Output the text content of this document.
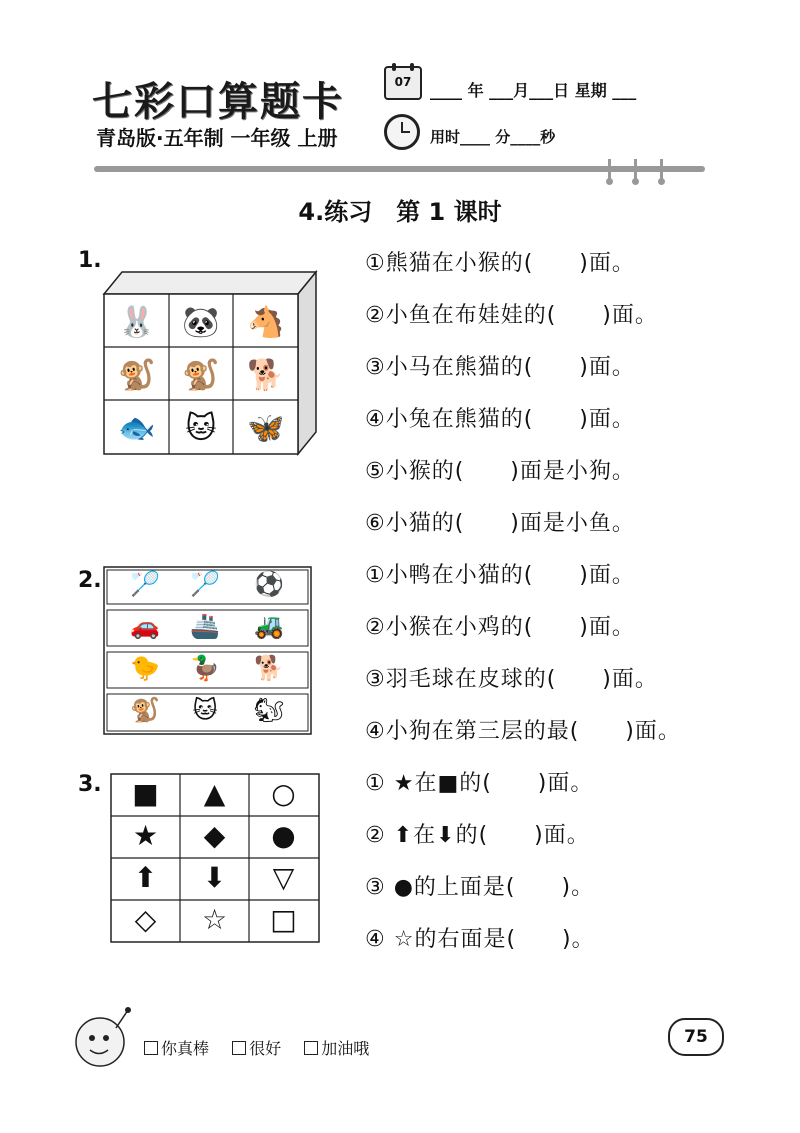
七彩口算题卡
青岛版·五年制 一年级 上册
07	____ 年 ___月___日 星期 ___
用时____ 分____秒
4.练习　第 1 课时
1.
🐰 🐼 🐴
🐒 🐒 🐕
🐟 🐱	🦋
①熊猫在小猴的(　　)面。
②小鱼在布娃娃的(　　)面。
③小马在熊猫的(　　)面。
④小兔在熊猫的(　　)面。
⑤小猴的(　　)面是小狗。
⑥小猫的(　　)面是小鱼。
2.	🏸	🏸	⚽
🚗	🚢	🚜
🐤	🦆	🐕
🐒	🐱	🐿
①小鸭在小猫的(　　)面。
②小猴在小鸡的(　　)面。
③羽毛球在皮球的(　　)面。
④小狗在第三层的最(　　)面。
3.	■	▲	○
★	◆	●
⬆	⬇	▽
◇	☆	□
① ★在■的(　　)面。
② ⬆在⬇的(　　)面。
③ ●的上面是(　　)。
④ ☆的右面是(　　)。
你真棒	很好	加油哦
75
